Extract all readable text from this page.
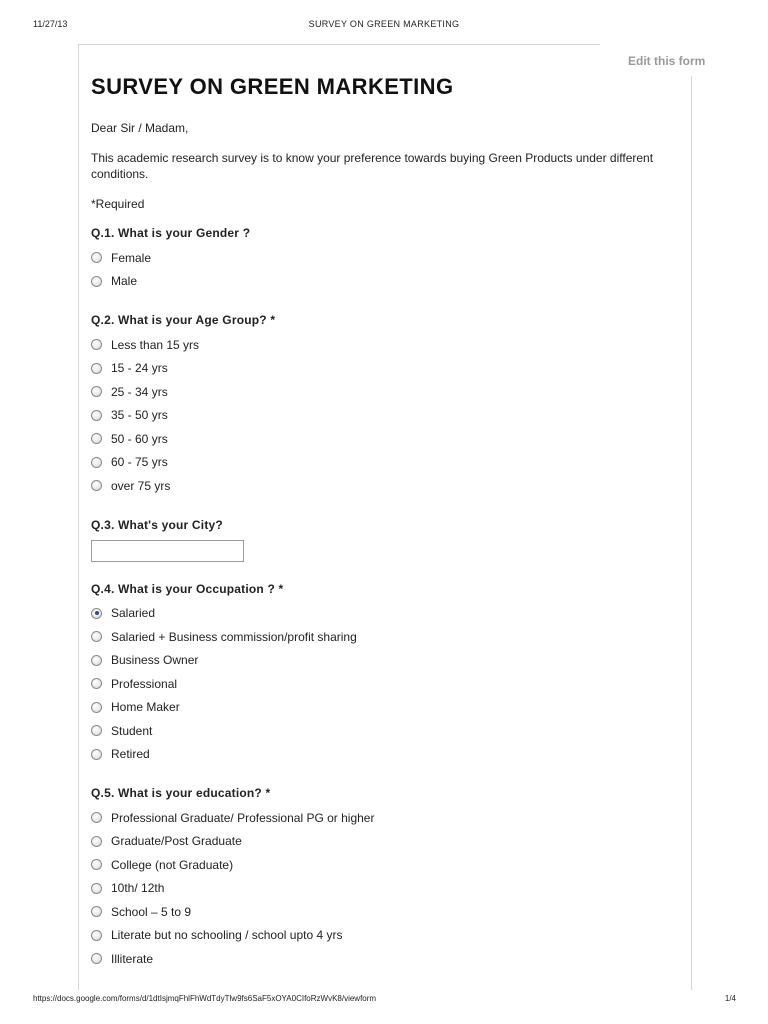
11/27/13	SURVEY ON GREEN MARKETING
Edit this form
SURVEY ON GREEN MARKETING

Dear Sir / Madam,

This academic research survey is to know your preference towards buying Green Products under different conditions.

*Required

Q.1. What is your Gender ?
Female
Male
Q.2. What is your Age Group? *
Less than 15 yrs
15 - 24 yrs
25 - 34 yrs
35 - 50 yrs
50 - 60 yrs
60 - 75 yrs
over 75 yrs
Q.3. What's your City?
Q.4. What is your Occupation ? *
Salaried
Salaried + Business commission/profit sharing
Business Owner
Professional
Home Maker
Student
Retired
Q.5. What is your education? *
Professional Graduate/ Professional PG or higher
Graduate/Post Graduate
College (not Graduate)
10th/ 12th
School – 5 to 9
Literate but no schooling / school upto 4 yrs
Illiterate
https://docs.google.com/forms/d/1dtIsjmqFhlFhWdTdyTlw9fs6SaF5xOYA0CIfoRzWvK8/viewform	1/4
